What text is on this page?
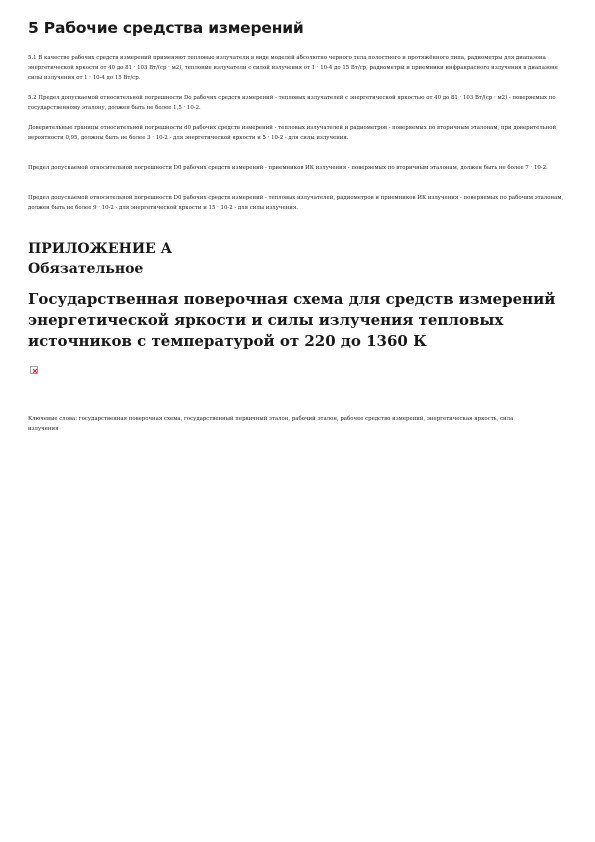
5 Рабочие средства измерений

5.1 В качестве рабочих средств измерений применяют тепловые излучатели в виде моделей абсолютно черного тела полостного и протяжённого типа, радиометры для диапазона энергетической яркости от 40 до 81 · 103 Вт/(ср · м2), тепловые излучатели с силой излучения от 1 · 10-4 до 15 Вт/ср, радиометры и приемники инфракрасного излучения в диапазоне силы излучения от 1 · 10-4 до 15 Вт/ср.

5.2 Предел допускаемой относительной погрешности Dо рабочих средств измерений - тепловых излучателей с энергетической яркостью от 40 до 81 · 103 Вт/(ср · м2) - поверяемых по государственному эталону, должен быть не более 1,5 · 10-2.

Доверительные границы относительной погрешности d0 рабочих средств измерений - тепловых излучателей и радиометров - поверяемых по вторичным эталонам, при доверительной вероятности 0,95, должны быть не более 3 · 10-2 - для энергетической яркости и 5 · 10-2 - для силы излучения.

Предел допускаемой относительной погрешности D0 рабочих средств измерений - приемников ИК излучения - поверяемых по вторичным эталонам, должен быть не более 7 · 10-2.

Предел допускаемой относительной погрешности D0 рабочих средств измерений - тепловых излучателей, радиометров и приемников ИК излучения - поверяемых по рабочим эталонам, должен быть не более 9 · 10-2 - для энергетической яркости и 15 · 10-2 - для силы излучения.

ПРИЛОЖЕНИЕ А
Обязательное
Государственная поверочная схема для средств измерений энергетической яркости и силы излучения тепловых источников с температурой от 220 до 1360 К

Ключевые слова: государственная поверочная схема, государственный первичный эталон, рабочий эталон, рабочее средство измерений, энергетическая яркость, сила излучения
